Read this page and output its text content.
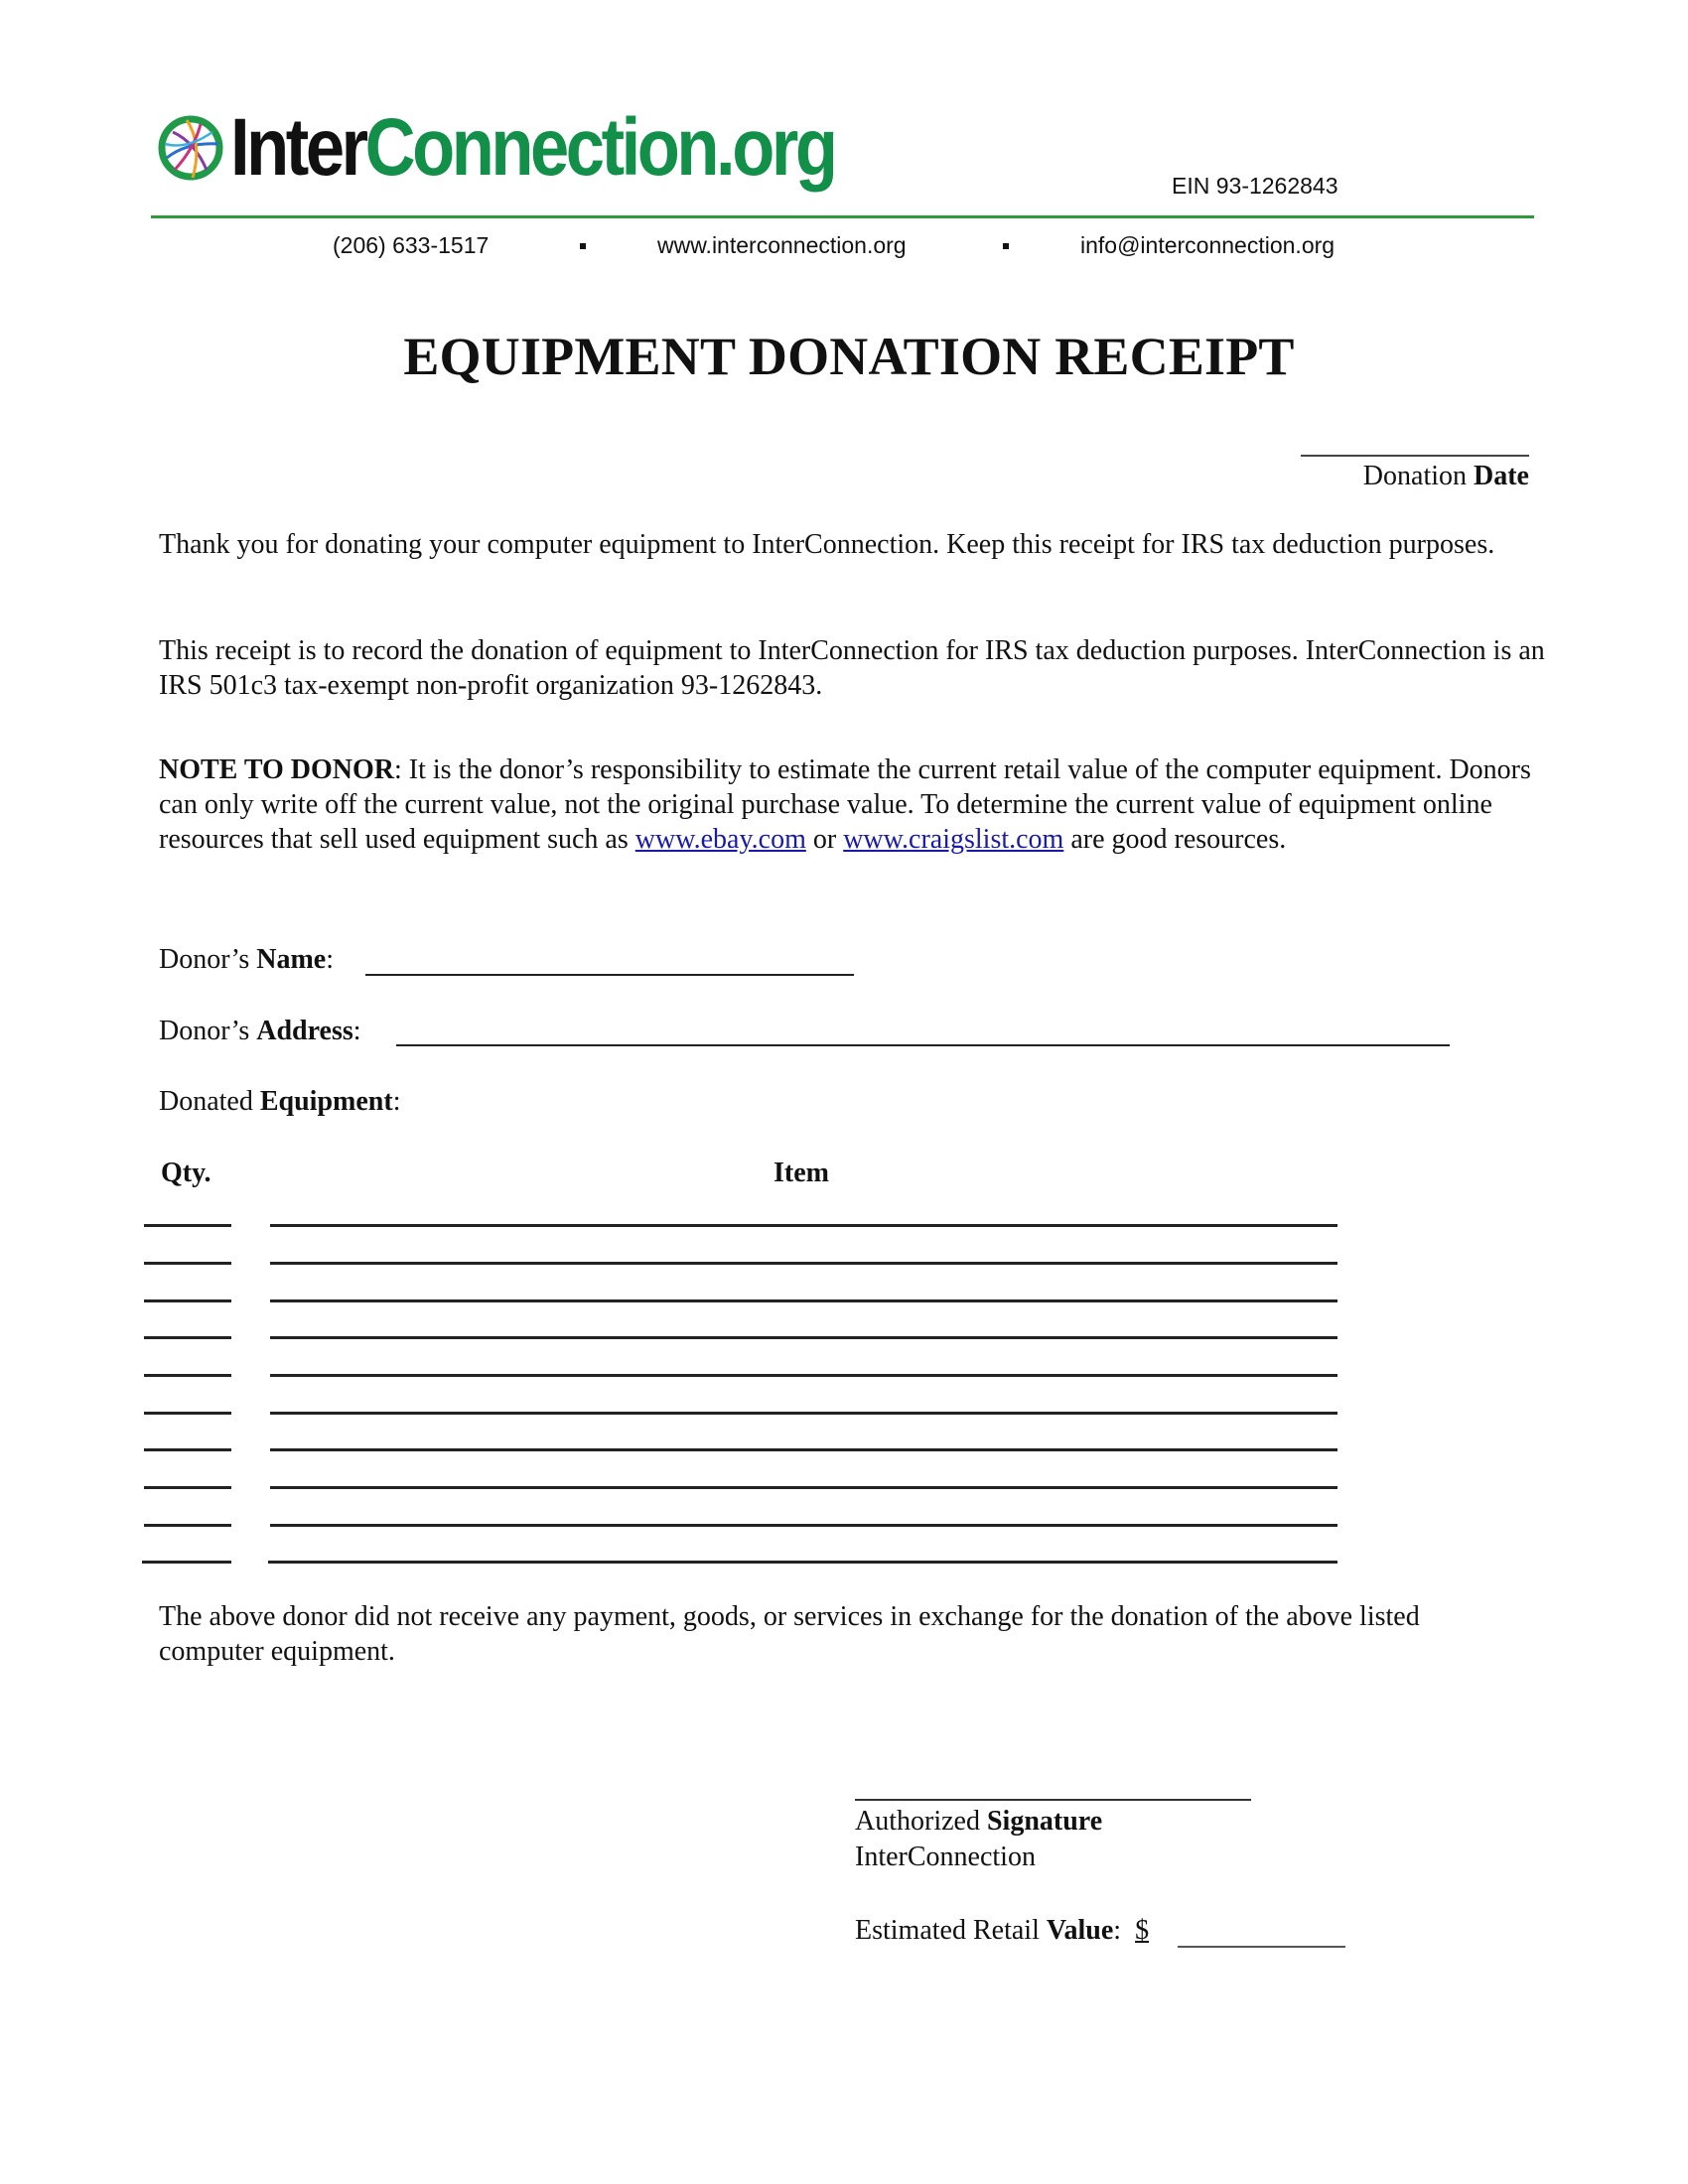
InterConnection.org	EIN 93-1262843
(206) 633-1517	www.interconnection.org	info@interconnection.org
EQUIPMENT DONATION RECEIPT
Donation Date
Thank you for donating your computer equipment to InterConnection. Keep this receipt for IRS tax deduction purposes.
This receipt is to record the donation of equipment to InterConnection for IRS tax deduction purposes. InterConnection is an IRS 501c3 tax-exempt non-profit organization 93-1262843.
NOTE TO DONOR: It is the donor’s responsibility to estimate the current retail value of the computer equipment. Donors can only write off the current value, not the original purchase value. To determine the current value of equipment online resources that sell used equipment such as www.ebay.com or www.craigslist.com are good resources.
Donor’s Name:
Donor’s Address:
Donated Equipment:
Qty.	Item
The above donor did not receive any payment, goods, or services in exchange for the donation of the above listed computer equipment.
Authorized Signature
InterConnection
Estimated Retail Value: $
